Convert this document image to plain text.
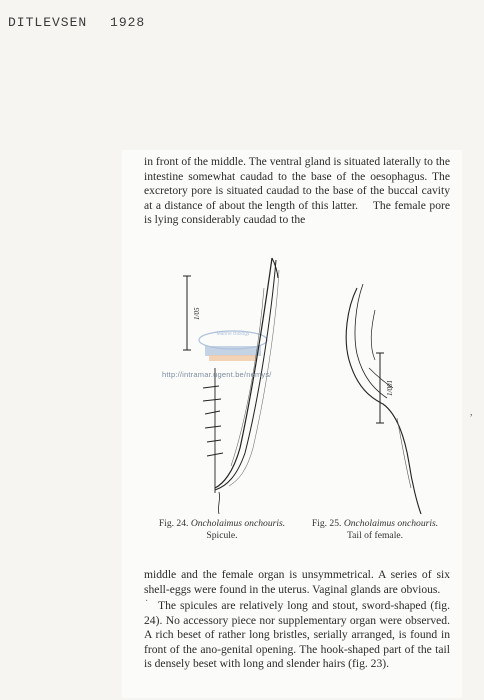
DITLEVSEN 1928

in front of the middle. The ventral gland is situated laterally to the intestine somewhat caudad to the base of the oesophagus. The excretory pore is situated caudad to the base of the buccal cavity at a distance of about the length of this latter.  The female pore is lying considerably caudad to the

Marine Biology
1/05
1/001
http://intramar.ugent.be/nemys/
Fig. 24. Oncholaimus onchouris.
Spicule.
Fig. 25. Oncholaimus onchouris.
Tail of female.

middle and the female organ is unsymmetrical. A series of six shell-eggs were found in the uterus. Vaginal glands are obvious.

· The spicules are relatively long and stout, sword-shaped (fig. 24). No accessory piece nor supplementary organ were observed. A rich beset of rather long bristles, serially arranged, is found in front of the ano-genital opening. The hook-shaped part of the tail is densely beset with long and slender hairs (fig. 23).

,
